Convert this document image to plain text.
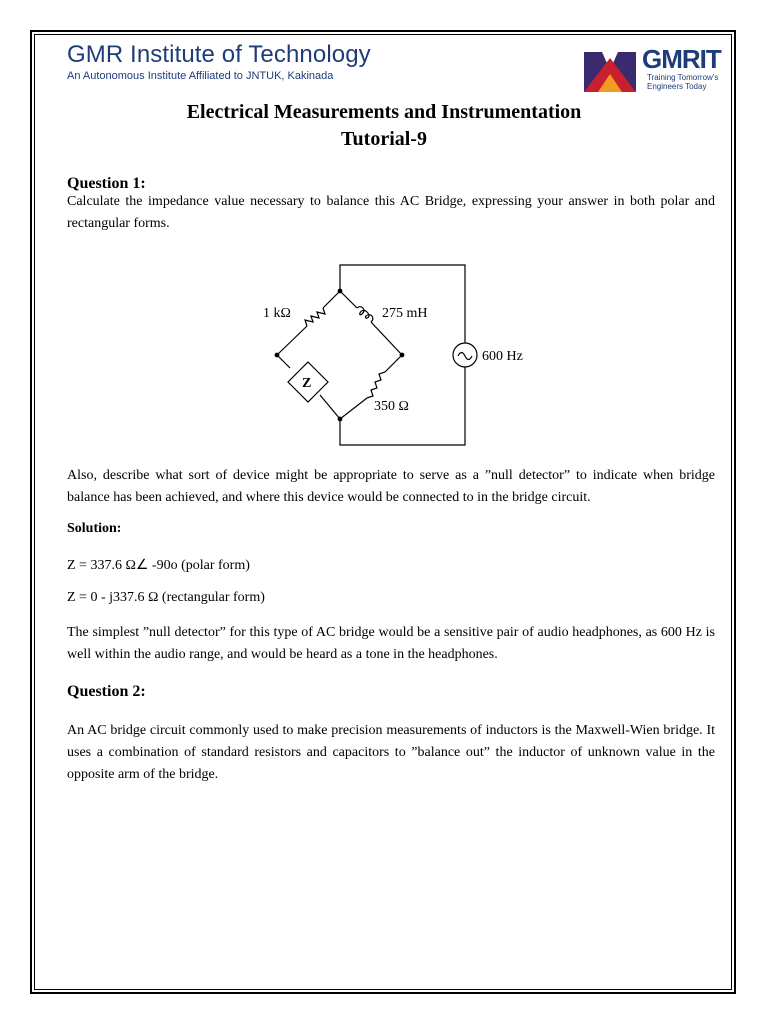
GMR Institute of Technology
An Autonomous Institute Affiliated to JNTUK, Kakinada
GMRIT
Training Tomorrow's
Engineers Today
Electrical Measurements and Instrumentation
Tutorial-9
Question 1:
Calculate the impedance value necessary to balance this AC Bridge, expressing your answer in both polar and rectangular forms.
1 kΩ	275 mH
350 Ω
Z
600 Hz
Also, describe what sort of device might be appropriate to serve as a ”null detector” to indicate when bridge balance has been achieved, and where this device would be connected to in the bridge circuit.
Solution:
Z = 337.6 Ω∠ -90o (polar form)
Z = 0 - j337.6 Ω (rectangular form)
The simplest ”null detector” for this type of AC bridge would be a sensitive pair of audio headphones, as 600 Hz is well within the audio range, and would be heard as a tone in the headphones.
Question 2:
An AC bridge circuit commonly used to make precision measurements of inductors is the Maxwell-Wien bridge. It uses a combination of standard resistors and capacitors to ”balance out” the inductor of unknown value in the opposite arm of the bridge.
